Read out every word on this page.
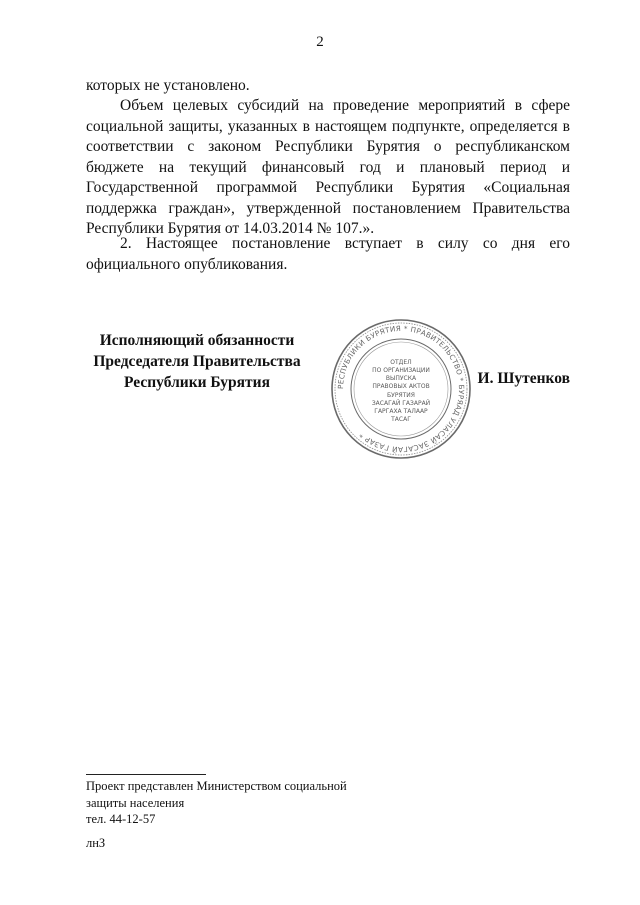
2
которых не установлено.
Объем целевых субсидий на проведение мероприятий в сфере социальной защиты, указанных в настоящем подпункте, определяется в соответствии с законом Республики Бурятия о республиканском бюджете на текущий финансовый год и плановый период и Государственной программой Республики Бурятия «Социальная поддержка граждан», утвержденной постановлением Правительства Республики Бурятия от 14.03.2014 № 107.».
2. Настоящее постановление вступает в силу со дня его официального опубликования.
Исполняющий обязанности
Председателя Правительства
Республики Бурятия	РЕСПУБЛИКИ БУРЯТИЯ * ПРАВИТЕЛЬСТВО * БУРЯАД УЛАСАЙ ЗАСАГАЙ ГАЗАР *
ОТДЕЛ
ПО ОРГАНИЗАЦИИ
ВЫПУСКА
ПРАВОВЫХ АКТОВ
БУРЯТИЯ
ЗАСАГАЙ ГАЗАРАЙ
ГАРГАХА ТАЛААР
ТАСАГ
И. Шутенков
Проект представлен Министерством социальной
защиты населения
тел. 44-12-57
лнЗ
